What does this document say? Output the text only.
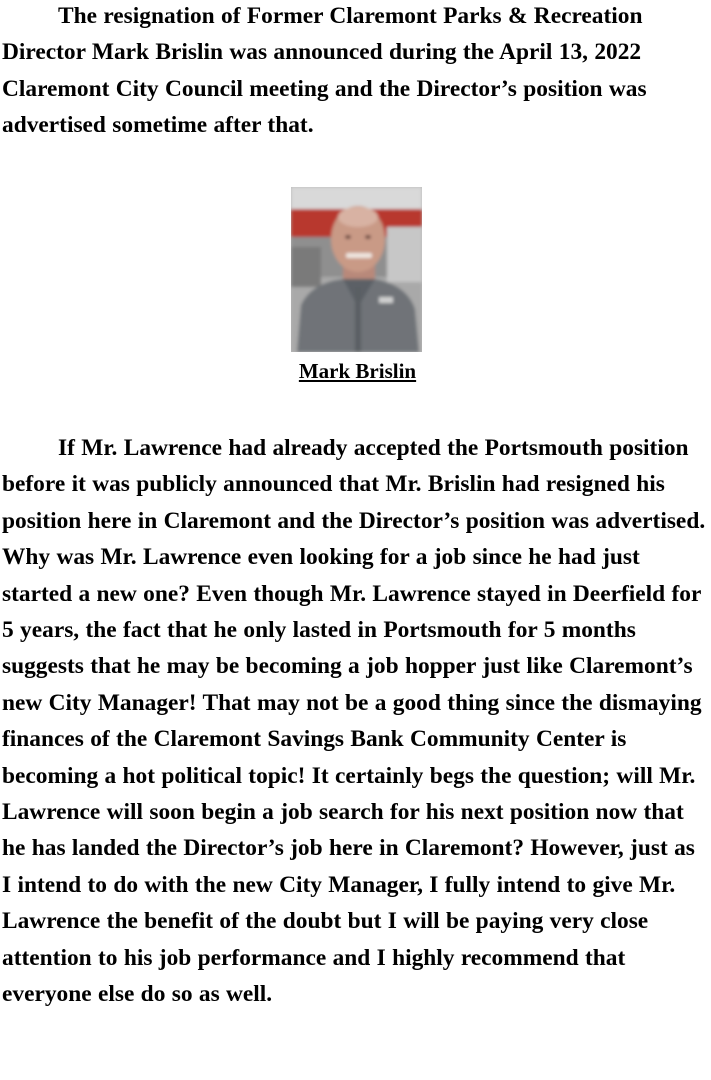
The resignation of Former Claremont Parks & Recreation Director Mark Brislin was announced during the April 13, 2022 Claremont City Council meeting and the Director’s position was advertised sometime after that.

Mark Brislin

If Mr. Lawrence had already accepted the Portsmouth position before it was publicly announced that Mr. Brislin had resigned his position here in Claremont and the Director’s position was advertised. Why was Mr. Lawrence even looking for a job since he had just started a new one? Even though Mr. Lawrence stayed in Deerfield for 5 years, the fact that he only lasted in Portsmouth for 5 months suggests that he may be becoming a job hopper just like Claremont’s new City Manager! That may not be a good thing since the dismaying finances of the Claremont Savings Bank Community Center is becoming a hot political topic! It certainly begs the question; will Mr. Lawrence will soon begin a job search for his next position now that he has landed the Director’s job here in Claremont? However, just as I intend to do with the new City Manager, I fully intend to give Mr. Lawrence the benefit of the doubt but I will be paying very close attention to his job performance and I highly recommend that everyone else do so as well.
